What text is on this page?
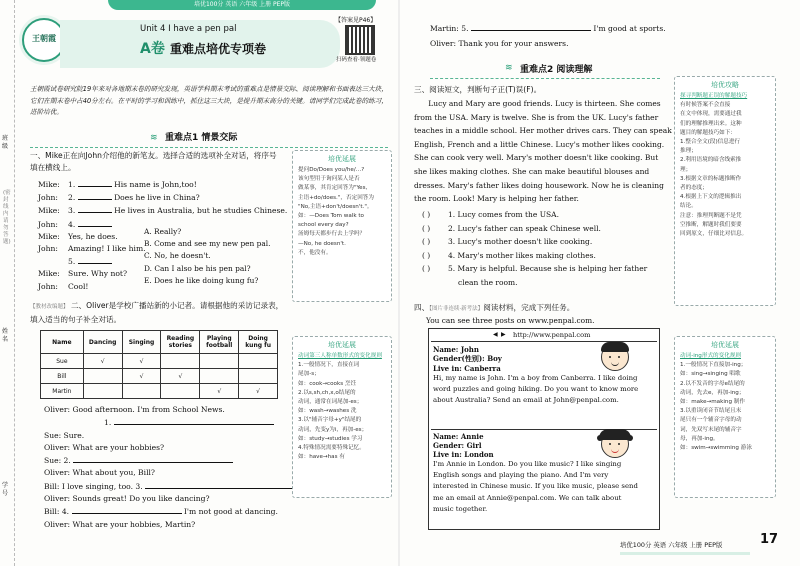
班级
姓名
学号
(密封线内请勿答题)
培优100分 英语 六年级 上册 PEP版
王朝霞
Unit 4 I have a pen pal
A卷 重难点培优专项卷
【答案见P46】
扫码查看·领题卷
王朝霞试卷研究院19年来对各地期末卷的研究发现，英语学科期末考试的重难点是情景交际、阅读理解和书面表达三大块，它们在期末卷中占40分左右。在平时的学习和训练中，抓住这三大块，是提升期末高分的关键。请同学们完成此卷的练习，进阶培优。
重难点1 情景交际
≋
一、Mike正在向John介绍他的新笔友。选择合适的选项补全对话，将序号填在横线上。
Mike: 1.	His name is John,too!
John: 2.	Does he live in China?
Mike: 3.	He lives in Australia, but he studies Chinese.
John: 4.
Mike: Yes, he does.
John: Amazing! I like him.
5.
Mike: Sure. Why not?
John: Cool!
A. Really?
B. Come and see my new pen pal.
C. No, he doesn't.
D. Can I also be his pen pal?
E. Does he like doing kung fu?
【教材改编题】 二、Oliver是学校广播站新的小记者。请根据他的采访记录表，填入适当的句子补全对话。
Name	Dancing	Singing	Reading stories	Playing football	Doing kung fu
Sue	√	√			
Bill		√	√		
Martin				√	√
Oliver: Good afternoon. I'm from School News.
1.
Sue: Sure.
Oliver: What are your hobbies?
Sue: 2.
Oliver: What about you, Bill?
Bill: I love singing, too. 3.
Oliver: Sounds great! Do you like dancing?
Bill: 4.	I'm not good at dancing.
Oliver: What are your hobbies, Martin?
培优延展
提问Do/Does you/he/…?
该句型用于询问某人是否
做某事，其肯定回答为"Yes,
主语+do/does."，否定回答为
"No,主语+don't/doesn't."。
如：—Does Tom walk to
school every day?
汤姆每天都步行去上学吗？
—No, he doesn't.
不，他没有。
培优延展
动词第三人称单数形式的变化规则
1.一般情况下，直接在词
尾加-s；
如：cook→cooks 烹饪
2.以s,sh,ch,x,o结尾的
动词，通常在词尾加-es；
如：wash→washes 洗
3.以"辅音字母+y"结尾的
动词，先变y为i，再加-es；
如：study→studies 学习
4.特殊情况需要特殊记忆。
如：have→has 有
Martin: 5.	I'm good at sports.
Oliver: Thank you for your answers.
≋ 重难点2 阅读理解
三、阅读短文，判断句子正(T)误(F)。
Lucy and Mary are good friends. Lucy is thirteen. She comes
from the USA. Mary is twelve. She is from the UK. Lucy's father
teaches in a middle school. Her mother drives cars. They can speak
English, French and a little Chinese. Lucy's mother likes cooking.
She can cook very well. Mary's mother doesn't like cooking. But
she likes making clothes. She can make beautiful blouses and
dresses. Mary's father likes doing housework. Now he is cleaning
the room. Look! Mary is helping her father.
( ) 1. Lucy comes from the USA.
( ) 2. Lucy's father can speak Chinese well.
( ) 3. Lucy's mother doesn't like cooking.
( ) 4. Mary's mother likes making clothes.
( ) 5. Mary is helpful. Because she is helping her father
clean the room.
四、【图片非连续·新考法】阅读材料，完成下列任务。
You can see three posts on www.penpal.com.
◀ ▶ http://www.penpal.com
Name: John
Gender(性别): Boy
Live in: Canberra
Hi, my name is John. I'm a boy from Canberra. I like doing
word puzzles and going hiking. Do you want to know more
about Australia? Send an email at John@penpal.com.
Name: Annie
Gender: Girl
Live in: London
I'm Annie in London. Do you like music? I like singing
English songs and playing the piano. And I'm very
interested in Chinese music. If you like music, please send
me an email at Annie@penpal.com. We can talk about
music together.
培优攻略
探寻判断题正误的解题技巧
有时候答案不会直接
在文中体现，需要通过我
们的理解推理出来。这种
题目的解题技巧如下：
1.整合全文(段)信息进行
推理；
2.利用语境的暗含线索推
理；
3.根据文章的标题推断作
者的态度；
4.根据上下文的逻辑推出
结论。
注意：推理判断题不是凭
空推断，解题时我们要要
回到原文，仔细比对信息。
培优延展
动词-ing形式的变化规则
1.一般情况下直接加-ing；
如：sing→singing 唱歌
2.以不发音的字母e结尾的
动词，先去e，再加-ing；
如：make→making 制作
3.以重读闭音节结尾且末
尾只有一个辅音字母的动
词，先双写末尾的辅音字
母，再加-ing。
如：swim→swimming 游泳
培优100分 英语 六年级 上册 PEP版	17
